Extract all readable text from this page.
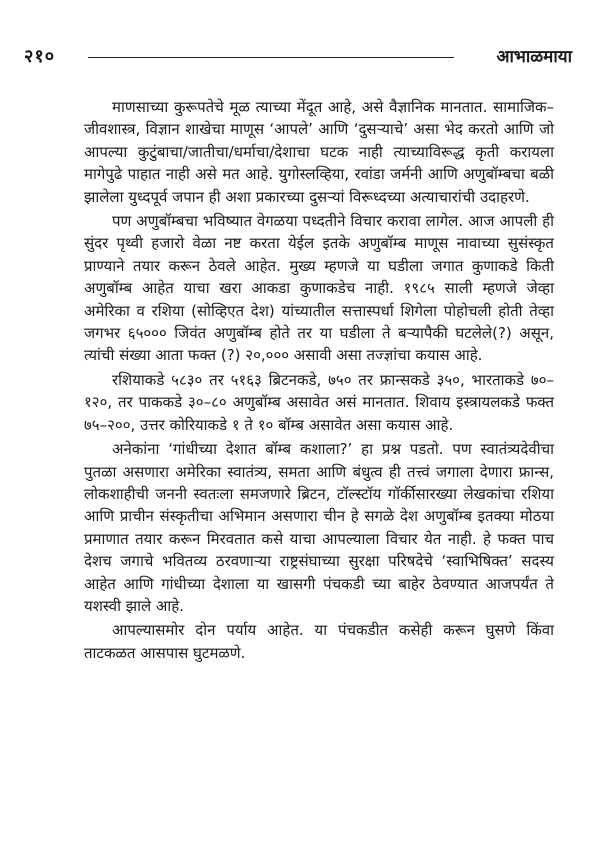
२१०	आभाळमाया

माणसाच्या कुरूपतेचे मूळ त्याच्या मेंदूत आहे, असे वैज्ञानिक मानतात. सामाजिक–जीवशास्त्र, विज्ञान शाखेचा माणूस ‘आपले’ आणि ‘दुसऱ्याचे’ असा भेद करतो आणि जो आपल्या कुटुंबाचा/जातीचा/धर्माचा/देशाचा घटक नाही त्याच्याविरूद्ध कृती करायला मागेपुढे पाहात नाही असे मत आहे. युगोस्लव्हिया, रवांडा जर्मनी आणि अणुबॉम्बचा बळी झालेला युध्दपूर्व जपान ही अशा प्रकारच्या दुसऱ्यां विरूध्दच्या अत्याचारांची उदाहरणे.

पण अणुबॉम्बचा भविष्यात वेगळया पध्दतीने विचार करावा लागेल. आज आपली ही सुंदर पृथ्वी हजारो वेळा नष्ट करता येईल इतके अणुबॉम्ब माणूस नावाच्या सुसंस्कृत प्राण्याने तयार करून ठेवले आहेत. मुख्य म्हणजे या घडीला जगात कुणाकडे किती अणुबॉम्ब आहेत याचा खरा आकडा कुणाकडेच नाही. १९८५ साली म्हणजे जेव्हा अमेरिका व रशिया (सोव्हिएत देश) यांच्यातील सत्तास्पर्धा शिगेला पोहोचली होती तेव्हा जगभर ६५००० जिवंत अणुबॉम्ब होते तर या घडीला ते बऱ्यापैकी घटलेले(?) असून, त्यांची संख्या आता फक्त (?) २०,००० असावी असा तज्ज्ञांचा कयास आहे.

रशियाकडे ५८३० तर ५१६३ ब्रिटनकडे, ७५० तर फ्रान्सकडे ३५०, भारताकडे ७०–१२०, तर पाककडे ३०–८० अणुबॉम्ब असावेत असं मानतात. शिवाय इस्त्रायलकडे फक्त ७५–२००, उत्तर कोरियाकडे १ ते १० बॉम्ब असावेत असा कयास आहे.

अनेकांना ‘गांधीच्या देशात बॉम्ब कशाला?’ हा प्रश्न पडतो. पण स्वातंत्र्यदेवीचा पुतळा असणारा अमेरिका स्वातंत्र्य, समता आणि बंधुत्व ही तत्त्वं जगाला देणारा फ्रान्स, लोकशाहीची जननी स्वतःला समजणारे ब्रिटन, टॉल्स्टॉय गॉर्कीसारख्या लेखकांचा रशिया आणि प्राचीन संस्कृतीचा अभिमान असणारा चीन हे सगळे देश अणुबॉम्ब इतक्या मोठया प्रमाणात तयार करून मिरवतात कसे याचा आपल्याला विचार येत नाही. हे फक्त पाच देशच जगाचे भवितव्य ठरवणाऱ्या राष्ट्रसंघाच्या सुरक्षा परिषदेचे ‘स्वाभिषिक्त’ सदस्य आहेत आणि गांधीच्या देशाला या खासगी पंचकडी च्या बाहेर ठेवण्यात आजपर्यंत ते यशस्वी झाले आहे.

आपल्यासमोर दोन पर्याय आहेत. या पंचकडीत कसेही करून घुसणे किंवा ताटकळत आसपास घुटमळणे.
